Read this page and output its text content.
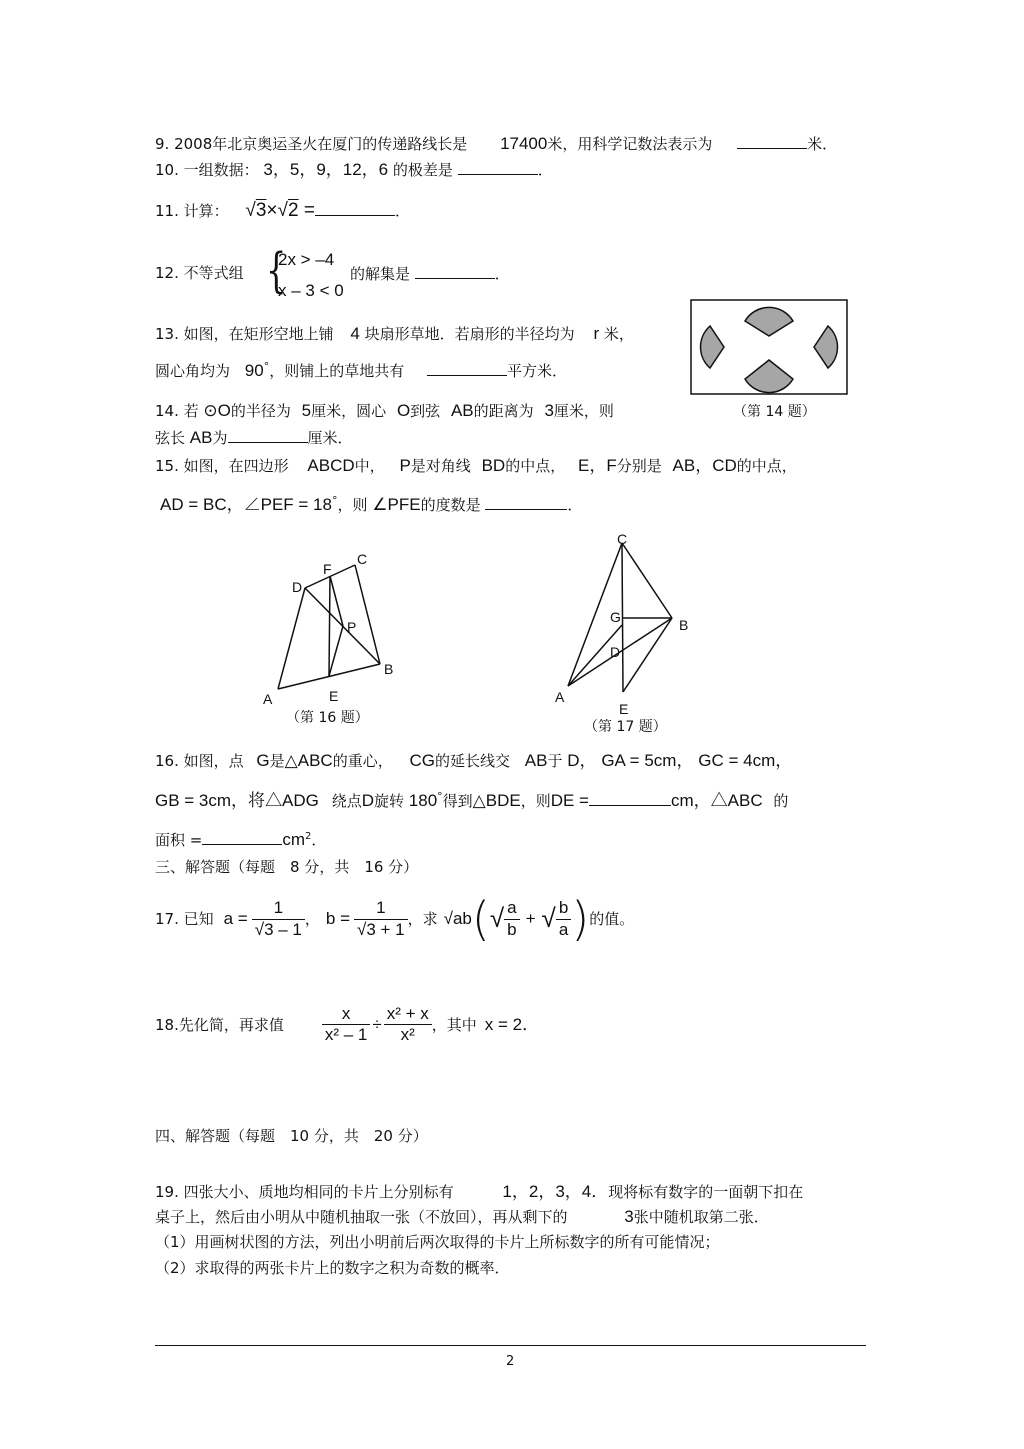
9. 2008年北京奥运圣火在厦门的传递路线长是 17400米，用科学记数法表示为	米．
10. 一组数据： 3，5，9，12，6 的极差是	．
11. 计算： √3×√2 =	．
12. 不等式组 {
2x > –4
x – 3 < 0
的解集是	．
13. 如图，在矩形空地上铺 4 块扇形草地．若扇形的半径均为 r 米，
圆心角均为 90°，则铺上的草地共有	平方米．
（第 14 题）
14. 若 ⊙O的半径为 5厘米，圆心 O到弦 AB的距离为 3厘米，则
弦长 AB为	厘米．
15. 如图，在四边形 ABCD中， P是对角线 BD的中点， E，F分别是 AB，CD的中点，
AD = BC，∠PEF = 18°，则 ∠PFE的度数是	．
A
B
C
D
E
F
P
（第 16 题）
C
B
G
D
A
E
（第 17 题）
16. 如图，点 G是△ABC的重心， CG的延长线交 AB于 D， GA = 5cm， GC = 4cm，
GB = 3cm，将△ADG 绕点D旋转 180°得到△BDE，则DE =	cm，△ABC 的
面积 =	$cm^2$．
三、解答题（每题　8 分，共　16 分）
17. 已知 $a = \frac{1}{√3 - 1}$ ， $b = \frac{1}{√3 + 1}$ ，求 √ab ( √ $\frac{a}{b}$ + √ $\frac{b}{a}$ ) 的值。
18.先化简，再求值 $\frac{x}{\text{x² – 1}} \div \frac{\text{x² + x}}{\text{x²}}$ ，其中 x = 2．
四、解答题（每题　10 分，共　20 分）
19. 四张大小、质地均相同的卡片上分别标有	1，2，3，4．现将标有数字的一面朝下扣在
桌子上，然后由小明从中随机抽取一张（不放回），再从剩下的	3张中随机取第二张．
（1）用画树状图的方法，列出小明前后两次取得的卡片上所标数字的所有可能情况；
（2）求取得的两张卡片上的数字之积为奇数的概率．
2
